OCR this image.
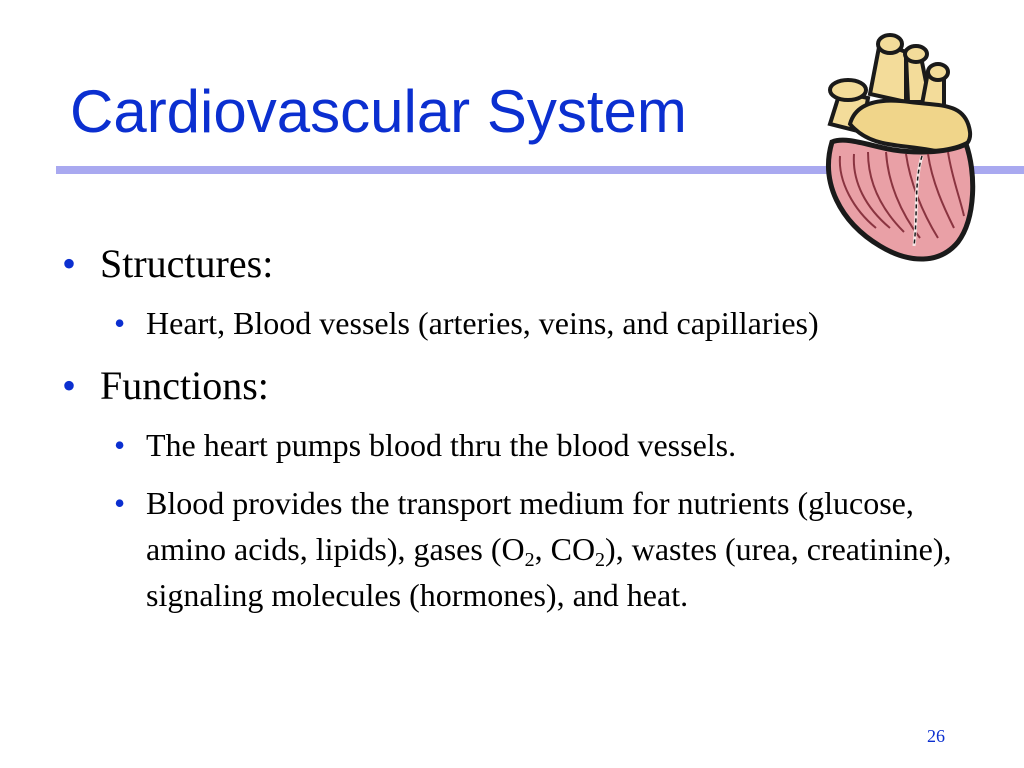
Cardiovascular System
• Structures:
• Heart, Blood vessels (arteries, veins, and capillaries)
• Functions:
• The heart pumps blood thru the blood vessels.
• Blood provides the transport medium for nutrients (glucose, amino acids, lipids), gases ($O_2$, $CO_2$), wastes (urea, creatinine), signaling molecules (hormones), and heat.
26
